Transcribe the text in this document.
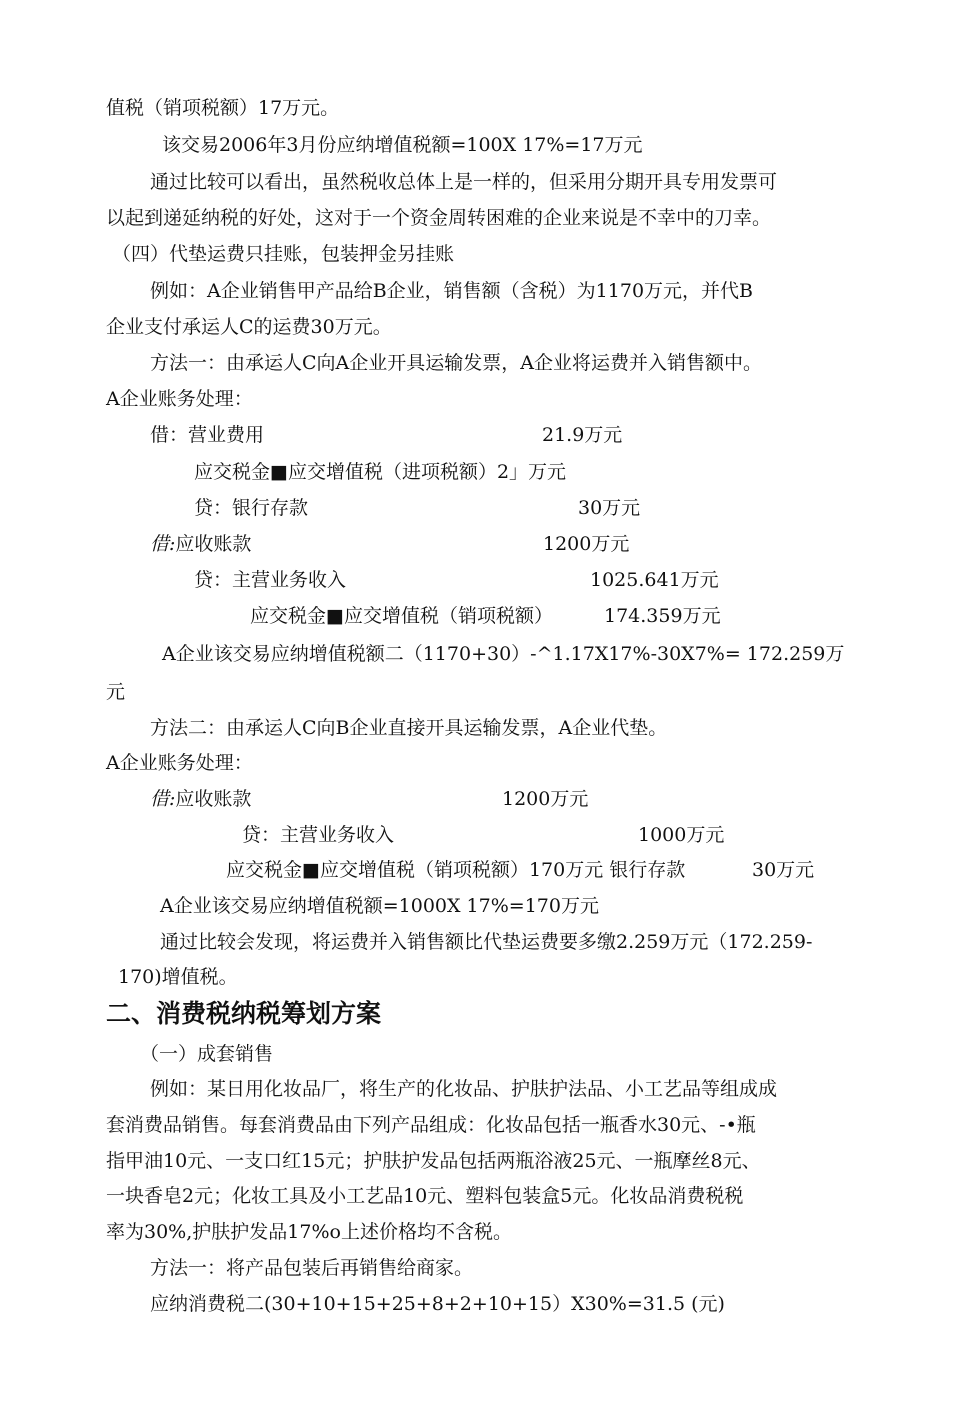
值税（销项税额）17万元。
该交易2006年3月份应纳增值税额=100X 17%=17万元
通过比较可以看出，虽然税收总体上是一样的，但采用分期开具专用发票可
以起到递延纳税的好处，这对于一个资金周转困难的企业来说是不幸中的刀幸。
（四）代垫运费只挂账，包装押金另挂账
例如：A企业销售甲产品给B企业，销售额（含税）为1170万元，并代B
企业支付承运人C的运费30万元。
方法一：由承运人C向A企业开具运输发票，A企业将运费并入销售额中。
A企业账务处理：
借：营业费用	21.9万元
应交税金■应交增值税（进项税额）2」万元
贷：银行存款	30万元
借:应收账款	1200万元
贷：主营业务收入	1025.641万元
应交税金■应交增值税（销项税额）	174.359万元
A企业该交易应纳增值税额二（1170+30）-^1.17X17%-30X7%= 172.259万
元
方法二：由承运人C向B企业直接开具运输发票，A企业代垫。
A企业账务处理：
借:应收账款	1200万元
贷：主营业务收入	1000万元
应交税金■应交增值税（销项税额）170万元 银行存款	30万元
A企业该交易应纳增值税额=1000X 17%=170万元
通过比较会发现，将运费并入销售额比代垫运费要多缴2.259万元（172.259-
170)增值税。
二、消费税纳税筹划方案
（一）成套销售
例如：某日用化妆品厂，将生产的化妆品、护肤护法品、小工艺品等组成成
套消费品销售。每套消费品由下列产品组成：化妆品包括一瓶香水30元、-•瓶
指甲油10元、一支口红15元；护肤护发品包括两瓶浴液25元、一瓶摩丝8元、
一块香皂2元；化妆工具及小工艺品10元、塑料包装盒5元。化妆品消费税税
率为30%,护肤护发品17%o上述价格均不含税。
方法一：将产品包装后再销售给商家。
应纳消费税二(30+10+15+25+8+2+10+15）X30%=31.5 (元)
